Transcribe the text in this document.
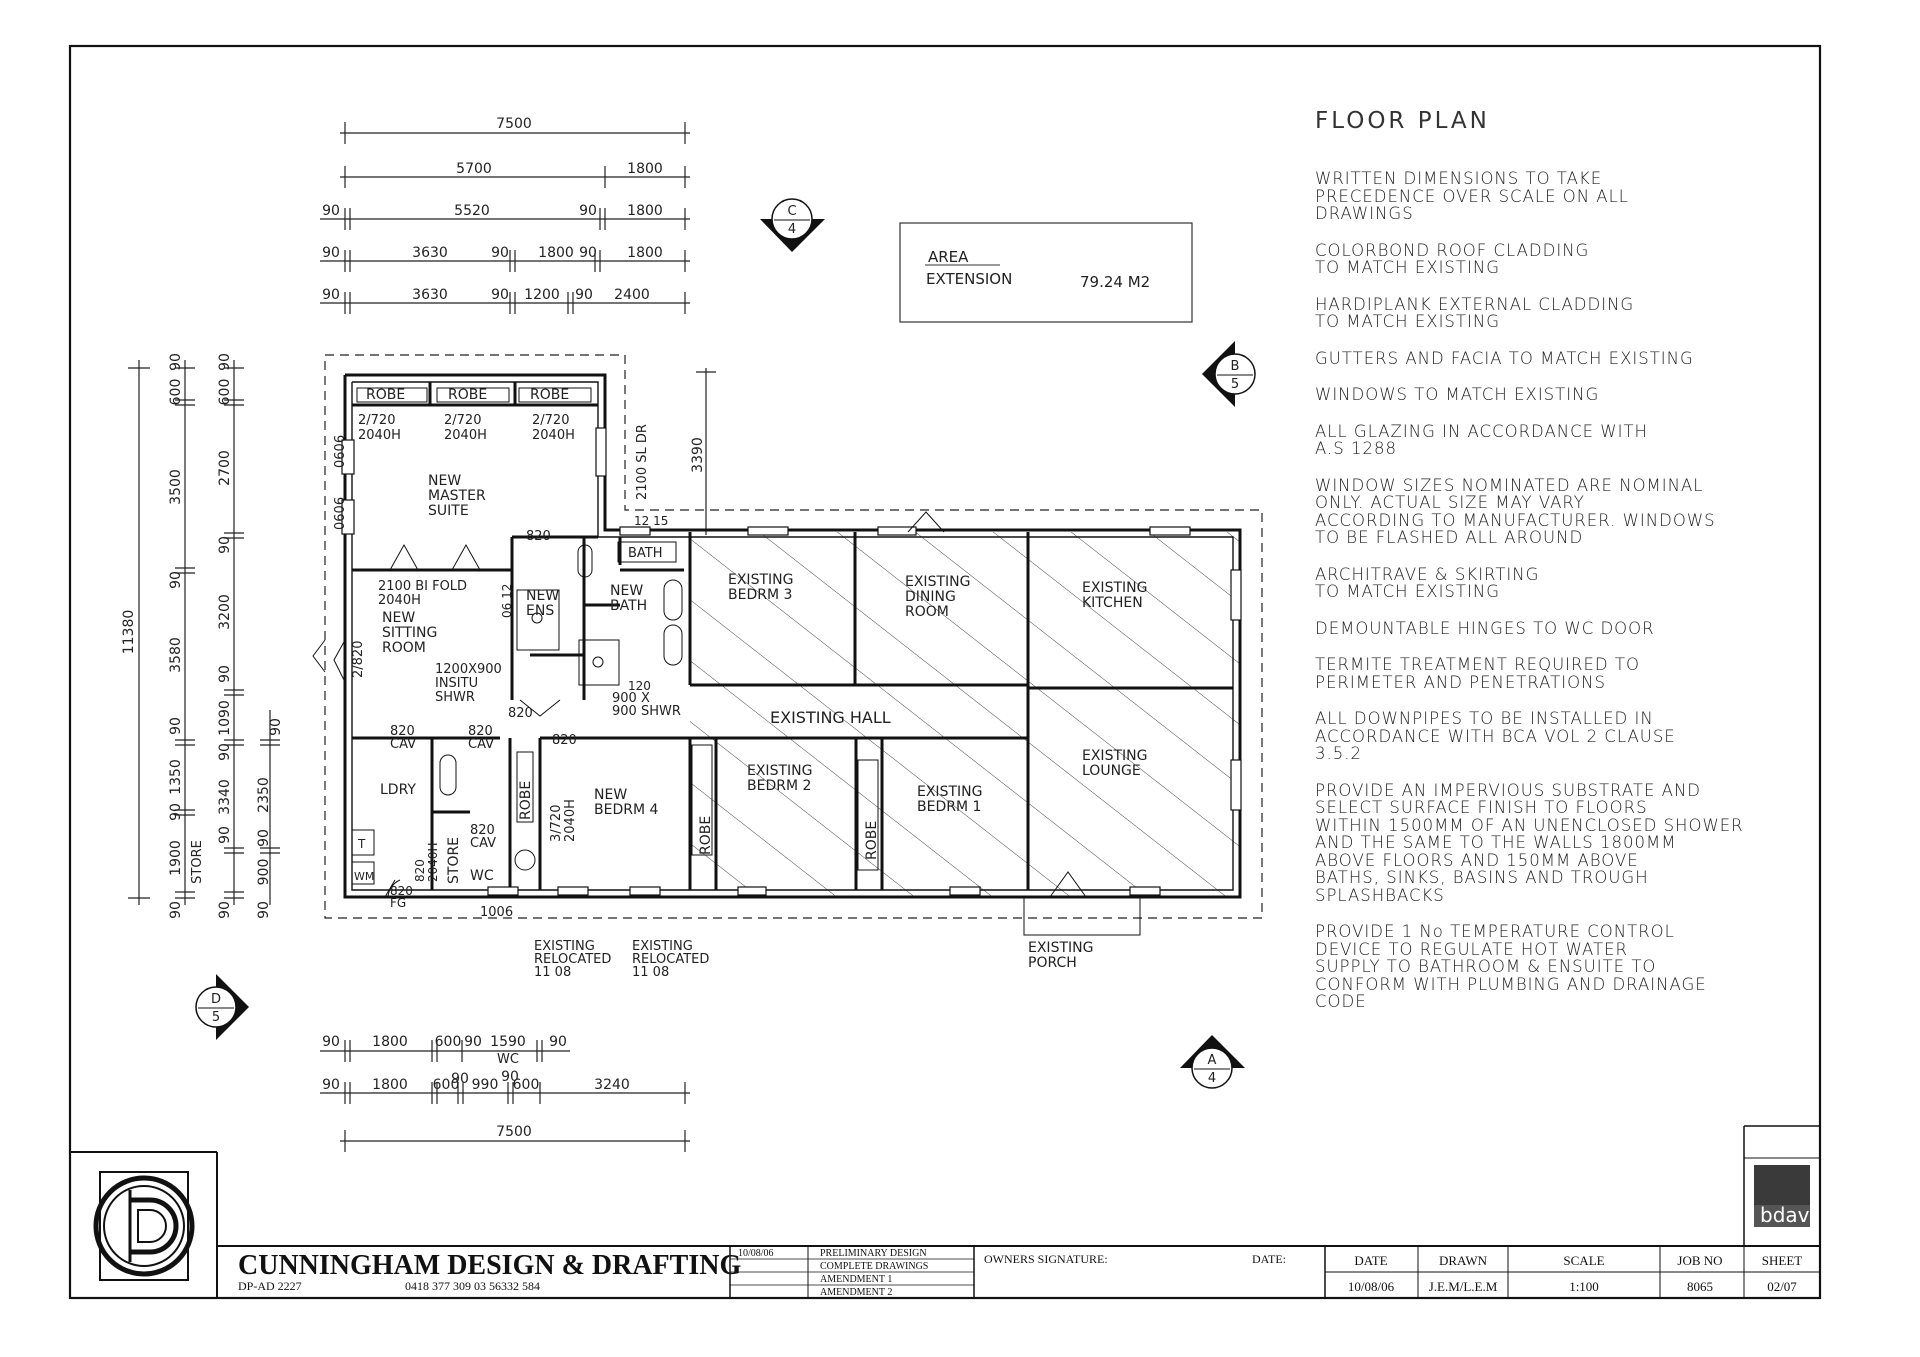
7500
5700	1800
90	5520	90 1800
90	3630	90 1800 90 1800
90	3630	90 1200 90 2400
AREA
EXTENSION	79.24 M2
11380
600
90
3500
90
3580
90
1350
90
1900
90
STORE
600
90
2700
90
3200
90
1090
90
3340
90
900
90
90
2350
90
90
3390
ROBE	ROBE	ROBE
2/720 2040H
2/720 2040H
2/720 2040H
NEW MASTER SUITE
2100 BI FOLD 2040H
NEW SITTING ROOM
NEW ENS
NEW BATH
BATH
1200X900 INSITU SHWR	900 X 900 SHWR	EXISTING HALL
EXISTING BEDRM 3
EXISTING DINING ROOM
EXISTING KITCHEN
EXISTING BEDRM 2	EXISTING BEDRM 1
EXISTING LOUNGE
NEW BEDRM 4
3/7202040H
LDRY
STORE WC
ROBE
ROBE	ROBE
820 CAV
820 CAV
820 CAV
820
820
820
820 FG
8202040H
2100 SL DR
0606
0606
2/820
06 12
12 15
120
1006
T
WM
EXISTING PORCH
EXISTING RELOCATED 11 08
EXISTING RELOCATED 11 08
90 1800 600 90 1590 90
WC
90 90
90 1800 600 990 600	3240
7500
C
4
B
5
D
5
A
4
bdav
CUNNINGHAM DESIGN & DRAFTING
DP-AD 2227	0418 377 309 03 56332 584
10/08/06	PRELIMINARY DESIGN
COMPLETE DRAWINGS
AMENDMENT 1
AMENDMENT 2
OWNERS SIGNATURE:	DATE:	DATE	DRAWN	SCALE	JOB NO	SHEET
10/08/06	J.E.M/L.E.M	1:100	8065	02/07
FLOOR PLAN

WRITTEN DIMENSIONS TO TAKE
PRECEDENCE OVER SCALE ON ALL
DRAWINGS

COLORBOND ROOF CLADDING
TO MATCH EXISTING

HARDIPLANK EXTERNAL CLADDING
TO MATCH EXISTING

GUTTERS AND FACIA TO MATCH EXISTING

WINDOWS TO MATCH EXISTING

ALL GLAZING IN ACCORDANCE WITH
A.S 1288

WINDOW SIZES NOMINATED ARE NOMINAL
ONLY. ACTUAL SIZE MAY VARY
ACCORDING TO MANUFACTURER. WINDOWS
TO BE FLASHED ALL AROUND

ARCHITRAVE & SKIRTING
TO MATCH EXISTING

DEMOUNTABLE HINGES TO WC DOOR

TERMITE TREATMENT REQUIRED TO
PERIMETER AND PENETRATIONS

ALL DOWNPIPES TO BE INSTALLED IN
ACCORDANCE WITH BCA VOL 2 CLAUSE
3.5.2

PROVIDE AN IMPERVIOUS SUBSTRATE AND
SELECT SURFACE FINISH TO FLOORS
WITHIN 1500MM OF AN UNENCLOSED SHOWER
AND THE SAME TO THE WALLS 1800MM
ABOVE FLOORS AND 150MM ABOVE
BATHS, SINKS, BASINS AND TROUGH
SPLASHBACKS

PROVIDE 1 No TEMPERATURE CONTROL
DEVICE TO REGULATE HOT WATER
SUPPLY TO BATHROOM & ENSUITE TO
CONFORM WITH PLUMBING AND DRAINAGE
CODE
